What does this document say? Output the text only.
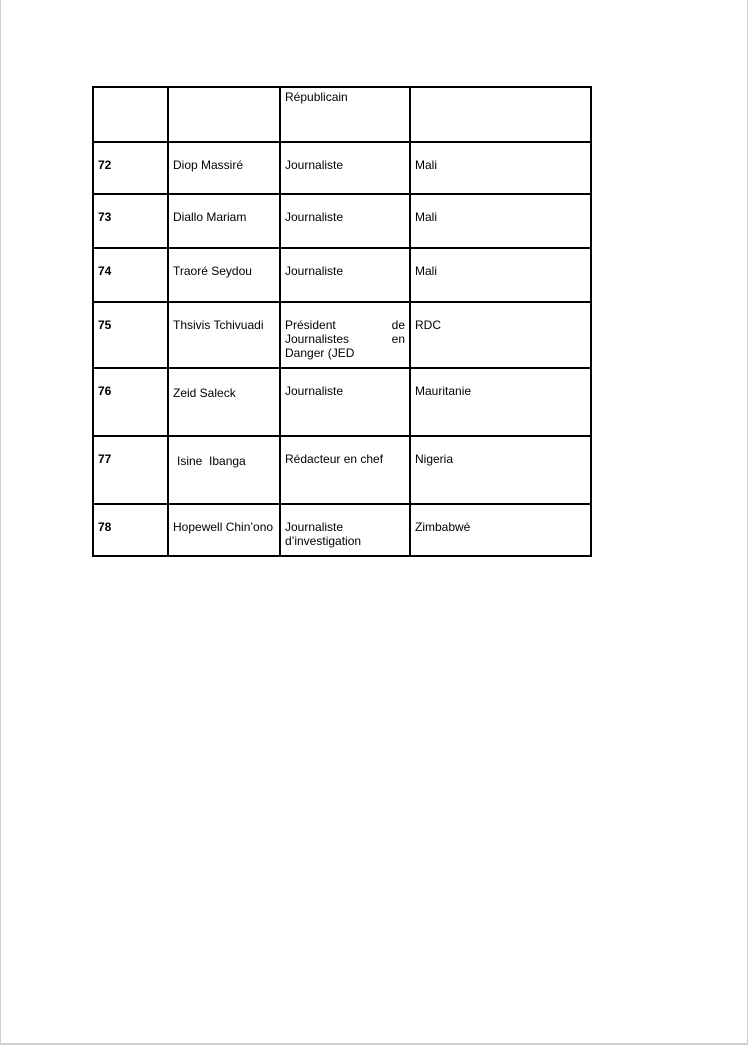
		Républicain	

72	Diop Massiré	Journaliste	Mali

73	Diallo Mariam	Journaliste	Mali

74	Traoré Seydou	Journaliste	Mali

75	Thsivis Tchivuadi	Président de Journalistes en Danger (JED	RDC

76	Zeid Saleck	Journaliste	Mauritanie

77	Isine  Ibanga	Rédacteur en chef	Nigeria

78	Hopewell Chin’ono	Journaliste d’investigation	Zimbabwé
